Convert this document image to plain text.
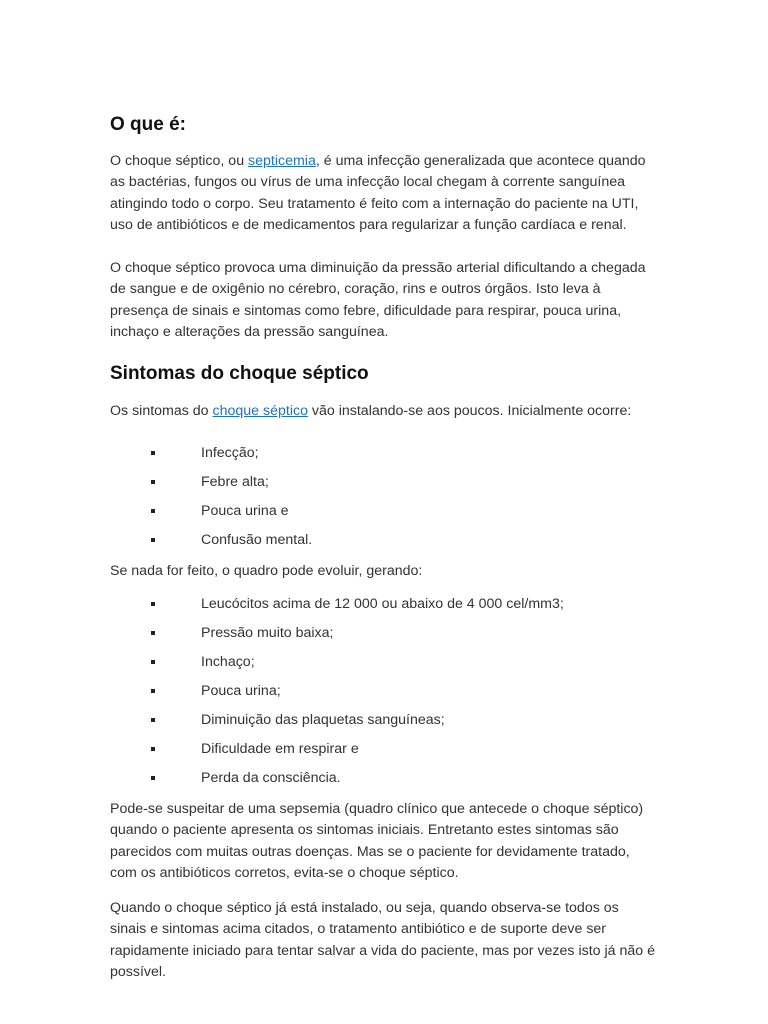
O que é:

O choque séptico, ou septicemia, é uma infecção generalizada que acontece quando as bactérias, fungos ou vírus de uma infecção local chegam à corrente sanguínea atingindo todo o corpo. Seu tratamento é feito com a internação do paciente na UTI, uso de antibióticos e de medicamentos para regularizar a função cardíaca e renal.

O choque séptico provoca uma diminuição da pressão arterial dificultando a chegada de sangue e de oxigênio no cérebro, coração, rins e outros órgãos. Isto leva à presença de sinais e sintomas como febre, dificuldade para respirar, pouca urina, inchaço e alterações da pressão sanguínea.

Sintomas do choque séptico

Os sintomas do choque séptico vão instalando-se aos poucos. Inicialmente ocorre:

Infecção;
Febre alta;
Pouca urina e
Confusão mental.

Se nada for feito, o quadro pode evoluir, gerando:

Leucócitos acima de 12 000 ou abaixo de 4 000 cel/mm3;
Pressão muito baixa;
Inchaço;
Pouca urina;
Diminuição das plaquetas sanguíneas;
Dificuldade em respirar e
Perda da consciência.

Pode-se suspeitar de uma sepsemia (quadro clínico que antecede o choque séptico) quando o paciente apresenta os sintomas iniciais. Entretanto estes sintomas são parecidos com muitas outras doenças. Mas se o paciente for devidamente tratado, com os antibióticos corretos, evita-se o choque séptico.

Quando o choque séptico já está instalado, ou seja, quando observa-se todos os sinais e sintomas acima citados, o tratamento antibiótico e de suporte deve ser rapidamente iniciado para tentar salvar a vida do paciente, mas por vezes isto já não é possível.
